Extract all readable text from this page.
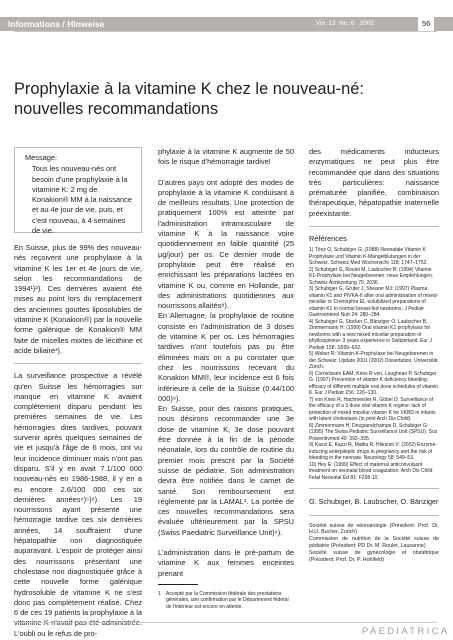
Informations / Hinweise	Vol. 13 No. 6 2002	56
Prophylaxie à la vitamine K chez le nouveau-né:
nouvelles recommandations
Message:

Tous les nouveau-nés ont besoin d'une prophylaxie à la vitamine K: 2 mg de Konakion® MM à la naissance et au 4e jour de vie, puis, et c'est nouveau, à 4 semaines de vie.

En Suisse, plus de 99% des nouveau-nés reçoivent une prophylaxie à la vitamine K les 1er et 4e jours de vie, selon les recommandations de 1994¹)²). Ces dernières avaient été mises au point lors du remplacement des anciennes gouttes liposolubles de vitamine K (Konakion®) par la nouvelle forme galénique de Konakion® MM faite de micelles mixtes de lécithine et acide biliaire³).

La surveillance prospective a révélé qu'en Suisse les hémorragies sur manque en vitamine K avaient complètement disparu pendant les premières semaines de vie. Les hémorragies dites tardives, pouvant survenir après quelques semaines de vie et jusqu'à l'âge de 6 mois, ont vu leur incidence diminuer mais n'ont pas disparu. S'il y en avait 7.1/100 000 nouveau-nés en 1986-1988, il y en a eu encore 2.6/100 000 ces six dernières années⁴)⁵)⁶). Les 19 nourrissons ayant présenté une hémorragie tardive ces six dernières années, 14 souffraient d'une hépatopathie non diagnostiquée auparavant. L'espoir de protéger ainsi des nourrissons présentant une cholestase non diagnostiquée grâce à cette nouvelle forme galénique hydrosoluble de vitamine K ne s'est donc pas complètement réalisé. Chez 6 de ces 19 patients la prophylaxie à la L'oubli ou le refus de pro-

phylaxie à la vitamine K augmente de 50 fois le risque d'hémorragie tardive!

D'autres pays ont adopté des modes de prophylaxie à la vitamine K conduisant à de meilleurs résultats. Une protection de pratiquement 100% est atteinte par l'administration intramusculaire de vitamine K à la naissance voire quotidiennement en faible quantité (25 µg/jour) per os. Ce dernier mode de prophylaxie peut être réalisé en enrichissant les préparations lactées en vitamine K ou, comme en Hollande, par des administrations quotidiennes aux nourrissons allaités⁸).

En Allemagne, la prophylaxie de routine consiste en l'administration de 3 doses de vitamine K per os. Les hémorragies tardives n'ont toutefois pas pu être éliminées mais on a pu constater que chez les nourrissons recevant du Konakion MM®, leur incidence est 6 fois inférieure à celle de la Suisse (0.44/100 000)⁹).

En Suisse, pour des raisons pratiques, nous désirons recommander une 3e dose de vitamine K, 3e dose pouvant être donnée à la fin de la période néonatale, lors du contrôle de routine du premier mois prescrit par la Société suisse de pédiatrie. Son administration devra être notifiée dans le carnet de santé. Son remboursement est réglementé par la LAMAL¹. La portée de ces nouvelles recommandations sera évaluée ultérieurement par la SPSU (Swiss Paediatric Surveillance Unit)⁶).

L'administration dans le pré-partum de vitamine K aux femmes enceintes prenant

1	Accepté par la Commission fédérale des prestations générales, une confirmation par le Département fédéral de l'intérieur est encore en attente.

des médicaments inducteurs enzymatiques ne peut plus être recommandée que dans des situations très particulières: naissance prématurée planifiée, combinaison thérapeutique, hépatopathie maternelle préexistante.

Références
1) Tönz O, Schubiger G: (1988) Neonatale Vitamin K Prophylaxe und Vitamin K-Mangelblutungen in der Schweiz. Schweiz Med Wochenschr 118: 1747–1752.
2) Schubiger G, Roulet M, Laubscher B: (1994) Vitamin K1-Prophylaxe bei Neugeborenen: neue Empfehlungen. Schweiz Ärztezeitung 75: 2036.
3) Schubiger G, Grüter J, Shearer MJ: (1997) Plasma vitamin K1 and PIVKA-II after oral administration of mixed-micellar or Cremophor EL-solubilized preparations of vitamin K1 to normal breast-fed newborns. J Pediatr Gastroenterol Nutr 24: 280–284.
4) Schubiger G, Stocker C, Bänziger O, Laubscher B, Zimmermann H: (1999) Oral vitamin K1 prophylaxis for newborns with a new mixed micellar preparation of phylloquinone: 3 years experience in Switzerland. Eur J Pediatr 158: S599–602.
5) Weber R: Vitamin-K-Prophylaxe bei Neugeborenen in der Schweiz: Update 2001 (2002) Dissertation, Universität Zürich.
6) Cornelissen EAM, Kries R von, Loughnan P, Schubiger G: (1997) Prevention of vitamin K deficiency bleeding: efficacy of different multiple oral dose schedules of vitamin K. Eur J Pediatr 156: 126–130.
7) von Kries R, Hachmeister R, Göbel D: Surveillance of the efficacy of a 3 dose oral vitamin K regime: lack of protection of mixed micellar vitamin K for VKBD in infants with latent cholestasis (in print Arch Dis Child).
8) Zimmermann H, Desgrandchamps D, Schubiger G: (1995) The Swiss Pediatric Surveillance Unit (SPSU). Soz Präventivmed 40: 392–395.
9) Kazzi E, Kazzi R, Mattia R, Hilesum V: (2002) Enzyme-inducing antiepileptic drugs in pregnancy and the risk of bleeding in the neonate. Neurology 58: 549–53.
10) Hey E: (1999) Effect of maternal anticonvulsant treatment on neonatal blood coagulation. Arch Dis Child Fetal Neonatal Ed 81: F208-10.
G. Schubiger, B. Laubscher, O. Bänziger

Société suisse de néonatologie (Président: Prof. Dr. H.U. Bucher, Zurich)

Commission de nutrition de la Société suisse de pédiatrie (Président: PD Dr. M. Roulet, Lausanne)

Société suisse de gynécologie et obstétrique (Président: Prof. Dr. P. Hohlfeld)

PAEDIATRICA
